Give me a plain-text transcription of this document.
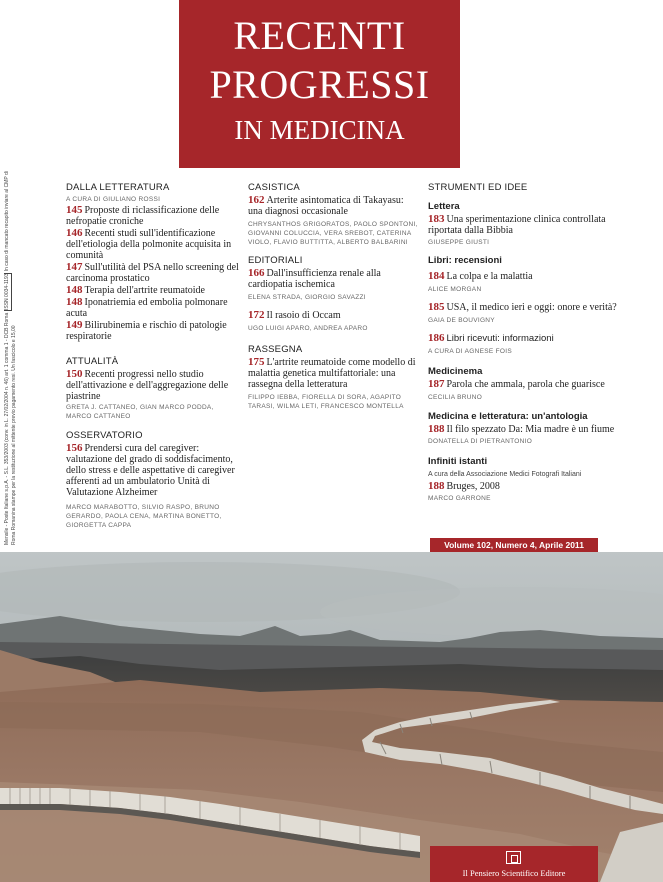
RECENTI
PROGRESSI
IN MEDICINA
Mensile - Poste Italiane s.p.A. - S.L. 353/2003 (conv. in L. 27/02/2004 n. 46) art. 1 comma 1 - DCB Roma ISSN 0034-1193 In caso di mancato recapito inviare al CMP di Roma Romanina stampe per la restituzione al mittente previo pagamento resi. Un fascicolo e 15,00
DALLA LETTERATURA
A CURA DI GIULIANO ROSSI
145 Proposte di riclassificazione delle nefropatie croniche
146 Recenti studi sull'identificazione dell'etiologia della polmonite acquisita in comunità
147 Sull'utilità del PSA nello screening del carcinoma prostatico
148 Terapia dell'artrite reumatoide
148 Iponatriemia ed embolia polmonare acuta
149 Bilirubinemia e rischio di patologie respiratorie
ATTUALITÀ
150 Recenti progressi nello studio dell'attivazione e dell'aggregazione delle piastrine
GRETA J. CATTANEO, GIAN MARCO PODDA, MARCO CATTANEO
OSSERVATORIO
156 Prendersi cura del caregiver: valutazione del grado di soddisfacimento, dello stress e delle aspettative di caregiver afferenti ad un ambulatorio Unità di Valutazione Alzheimer
MARCO MARABOTTO, SILVIO RASPO, BRUNO GERARDO, PAOLA CENA, MARTINA BONETTO, GIORGETTA CAPPA
CASISTICA
162 Arterite asintomatica di Takayasu: una diagnosi occasionale
CHRYSANTHOS GRIGORATOS, PAOLO SPONTONI, GIOVANNI COLUCCIA, VERA SREBOT, CATERINA VIOLO, FLAVIO BUTTITTA, ALBERTO BALBARINI
EDITORIALI
166 Dall'insufficienza renale alla cardiopatia ischemica
ELENA STRADA, GIORGIO SAVAZZI
172 Il rasoio di Occam
UGO LUIGI APARO, ANDREA APARO
RASSEGNA
175 L'artrite reumatoide come modello di malattia genetica multifattoriale: una rassegna della letteratura
FILIPPO IEBBA, FIORELLA DI SORA, AGAPITO TARASI, WILMA LETI, FRANCESCO MONTELLA
STRUMENTI ED IDEE
Lettera
183 Una sperimentazione clinica controllata riportata dalla Bibbia
GIUSEPPE GIUSTI
Libri: recensioni
184 La colpa e la malattia
ALICE MORGAN
185 USA, il medico ieri e oggi: onore e verità?
GAIA DE BOUVIGNY
186 Libri ricevuti: informazioni
A CURA DI AGNESE FOIS
Medicinema
187 Parola che ammala, parola che guarisce
CECILIA BRUNO
Medicina e letteratura: un'antologia
188 Il filo spezzato Da: Mia madre è un fiume
DONATELLA DI PIETRANTONIO
Infiniti istanti
A cura della Associazione Medici Fotografi Italiani
188 Bruges, 2008
MARCO GARRONE
Volume 102, Numero 4, Aprile 2011
Il Pensiero Scientifico Editore
